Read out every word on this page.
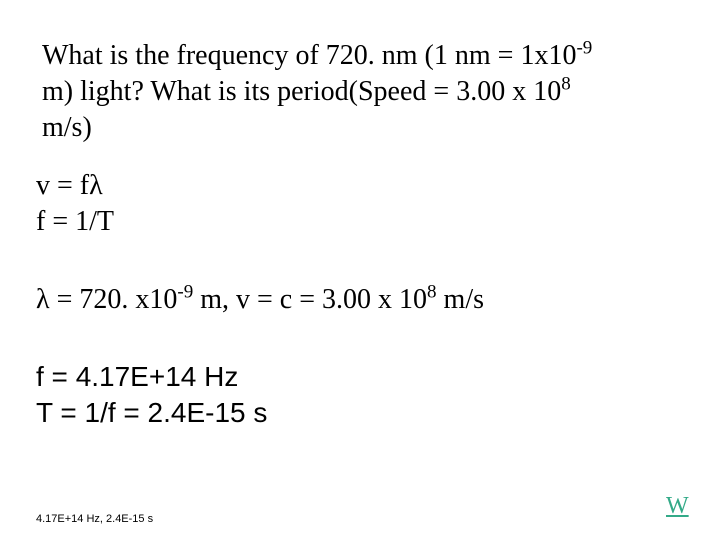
What is the frequency of 720. nm (1 nm = $1x10^{-9}$
m) light? What is its period(Speed = 3.00 x $10^8$
m/s)
v = fλ
f = 1/T
λ = 720. $x10^{-9}$ m, v = c = 3.00 x $10^8$ m/s
f = 4.17E+14 Hz
T = 1/f = 2.4E-15 s
4.17E+14 Hz, 2.4E-15 s	W
